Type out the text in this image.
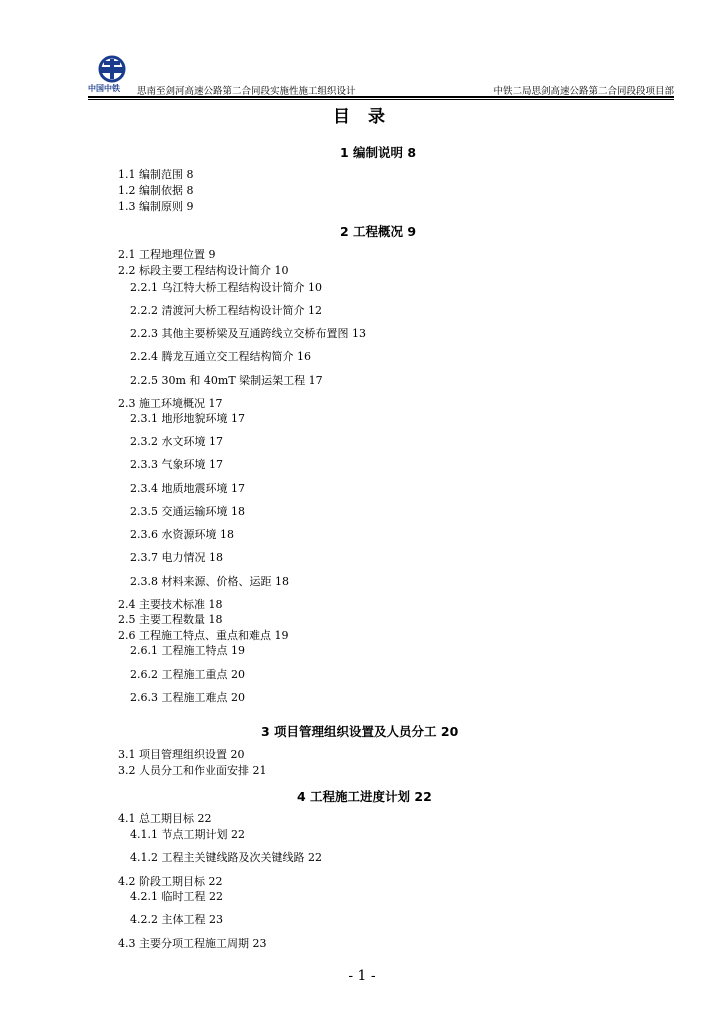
中国中铁 思南至剑河高速公路第二合同段实施性施工组织设计	中铁二局思剑高速公路第二合同段段项目部
目 录
1 编制说明 8
2 工程概况 9
3 项目管理组织设置及人员分工 20
4 工程施工进度计划 22
1.1 编制范围 8
1.2 编制依据 8
1.3 编制原则 9
2.1 工程地理位置 9
2.2 标段主要工程结构设计简介 10
2.2.1 乌江特大桥工程结构设计简介 10
2.2.2 清渡河大桥工程结构设计简介 12
2.2.3 其他主要桥梁及互通跨线立交桥布置图 13
2.2.4 腾龙互通立交工程结构简介 16
2.2.5 30m 和 40mT 梁制运架工程 17
2.3 施工环境概况 17
2.3.1 地形地貌环境 17
2.3.2 水文环境 17
2.3.3 气象环境 17
2.3.4 地质地震环境 17
2.3.5 交通运输环境 18
2.3.6 水资源环境 18
2.3.7 电力情况 18
2.3.8 材料来源、价格、运距 18
2.4 主要技术标准 18
2.5 主要工程数量 18
2.6 工程施工特点、重点和难点 19
2.6.1 工程施工特点 19
2.6.2 工程施工重点 20
2.6.3 工程施工难点 20
3.1 项目管理组织设置 20
3.2 人员分工和作业面安排 21
4.1 总工期目标 22
4.1.1 节点工期计划 22
4.1.2 工程主关键线路及次关键线路 22
4.2 阶段工期目标 22
4.2.1 临时工程 22
4.2.2 主体工程 23
4.3 主要分项工程施工周期 23
- 1 -
